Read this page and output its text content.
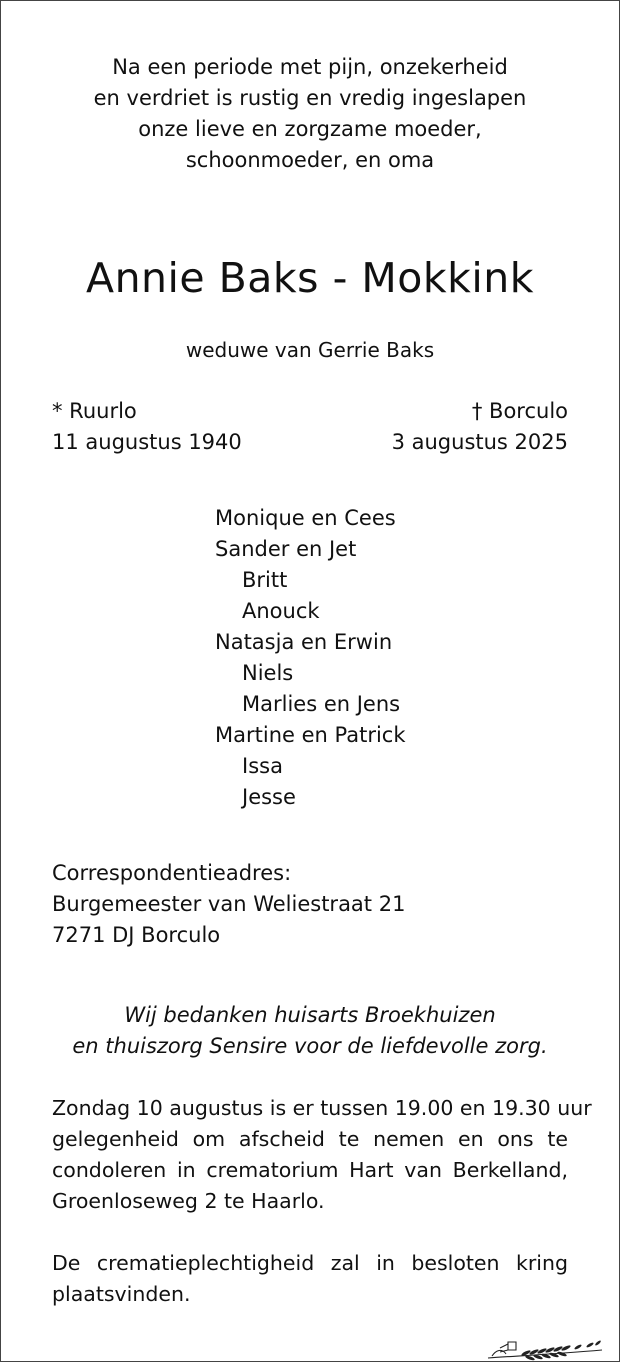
Na een periode met pijn, onzekerheid
en verdriet is rustig en vredig ingeslapen
onze lieve en zorgzame moeder,
schoonmoeder, en oma
Annie Baks - Mokkink
weduwe van Gerrie Baks
* Ruurlo
11 augustus 1940
† Borculo
3 augustus 2025
Monique en Cees
Sander en Jet
Britt
Anouck
Natasja en Erwin
Niels
Marlies en Jens
Martine en Patrick
Issa
Jesse
Correspondentieadres:
Burgemeester van Weliestraat 21
7271 DJ Borculo
Wij bedanken huisarts Broekhuizen
en thuiszorg Sensire voor de liefdevolle zorg.
Zondag 10 augustus is er tussen 19.00 en 19.30 uur
gelegenheid om afscheid te nemen en ons te
condoleren in crematorium Hart van Berkelland,
Groenloseweg 2 te Haarlo.
De crematieplechtigheid zal in besloten kring
plaatsvinden.
